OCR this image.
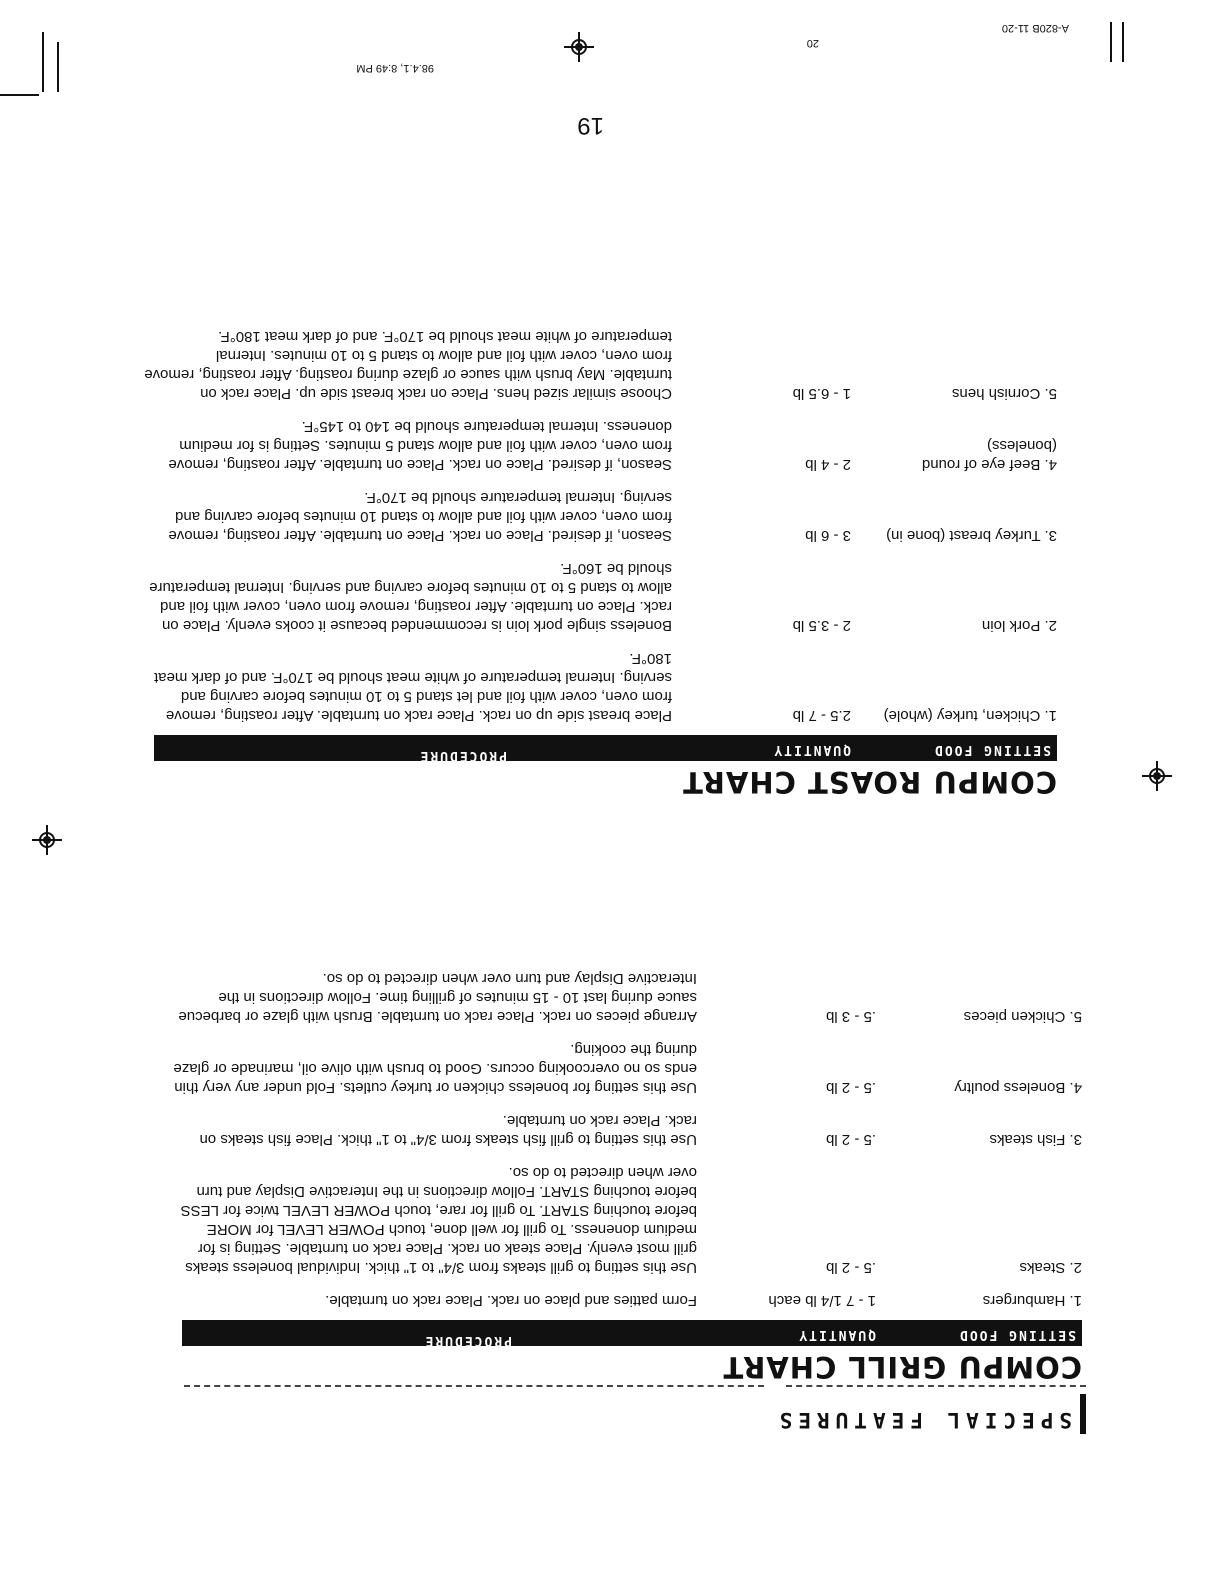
SPECIAL FEATURES
COMPU GRILL CHART
SETTING FOOD
QUANTITY
PROCEDURE
1. Hamburgers
1 - 7 1/4 lb each
Form patties and place on rack. Place rack on turntable.
2. Steaks
.5 - 2 lb
Use this setting to grill steaks from 3/4" to 1" thick. Individual boneless steaks grill most evenly. Place steak on rack. Place rack on turntable. Setting is for medium doneness. To grill for well done, touch POWER LEVEL for MORE before touching START. To grill for rare, touch POWER LEVEL twice for LESS before touching START. Follow directions in the Interactive Display and turn over when directed to do so.
3. Fish steaks
.5 - 2 lb
Use this setting to grill fish steaks from 3/4" to 1" thick. Place fish steaks on rack. Place rack on turntable.
4. Boneless poultry
.5 - 2 lb
Use this setting for boneless chicken or turkey cutlets. Fold under any very thin ends so no overcooking occurs. Good to brush with olive oil, marinade or glaze during the cooking.
5. Chicken pieces
.5 - 3 lb
Arrange pieces on rack. Place rack on turntable. Brush with glaze or barbecue sauce during last 10 - 15 minutes of grilling time. Follow directions in the Interactive Display and turn over when directed to do so.
COMPU ROAST CHART
SETTING FOOD
QUANTITY
PROCEDURE
1. Chicken, turkey (whole)
2.5 - 7 lb
Place breast side up on rack. Place rack on turntable. After roasting, remove from oven, cover with foil and let stand 5 to 10 minutes before carving and serving. Internal temperature of white meat should be 170°F. and of dark meat 180°F.
2. Pork loin
2 - 3.5 lb
Boneless single pork loin is recommended because it cooks evenly. Place on rack. Place on turntable. After roasting, remove from oven, cover with foil and allow to stand 5 to 10 minutes before carving and serving. Internal temperature should be 160°F.
3. Turkey breast (bone in)
3 - 6 lb
Season, if desired. Place on rack. Place on turntable. After roasting, remove from oven, cover with foil and allow to stand 10 minutes before carving and serving. Internal temperature should be 170°F.
4. Beef eye of round (boneless)
2 - 4 lb
Season, if desired. Place on rack. Place on turntable. After roasting, remove from oven, cover with foil and allow stand 5 minutes. Setting is for medium doneness. Internal temperature should be 140 to 145°F.
5. Cornish hens
1 - 6.5 lb
Choose similar sized hens. Place on rack breast side up. Place rack on turntable. May brush with sauce or glaze during roasting. After roasting, remove from oven, cover with foil and allow to stand 5 to 10 minutes. Internal temperature of white meat should be 170°F. and of dark meat 180°F.
19
98.4.1, 8:49 PM
20
A-820B 11-20
